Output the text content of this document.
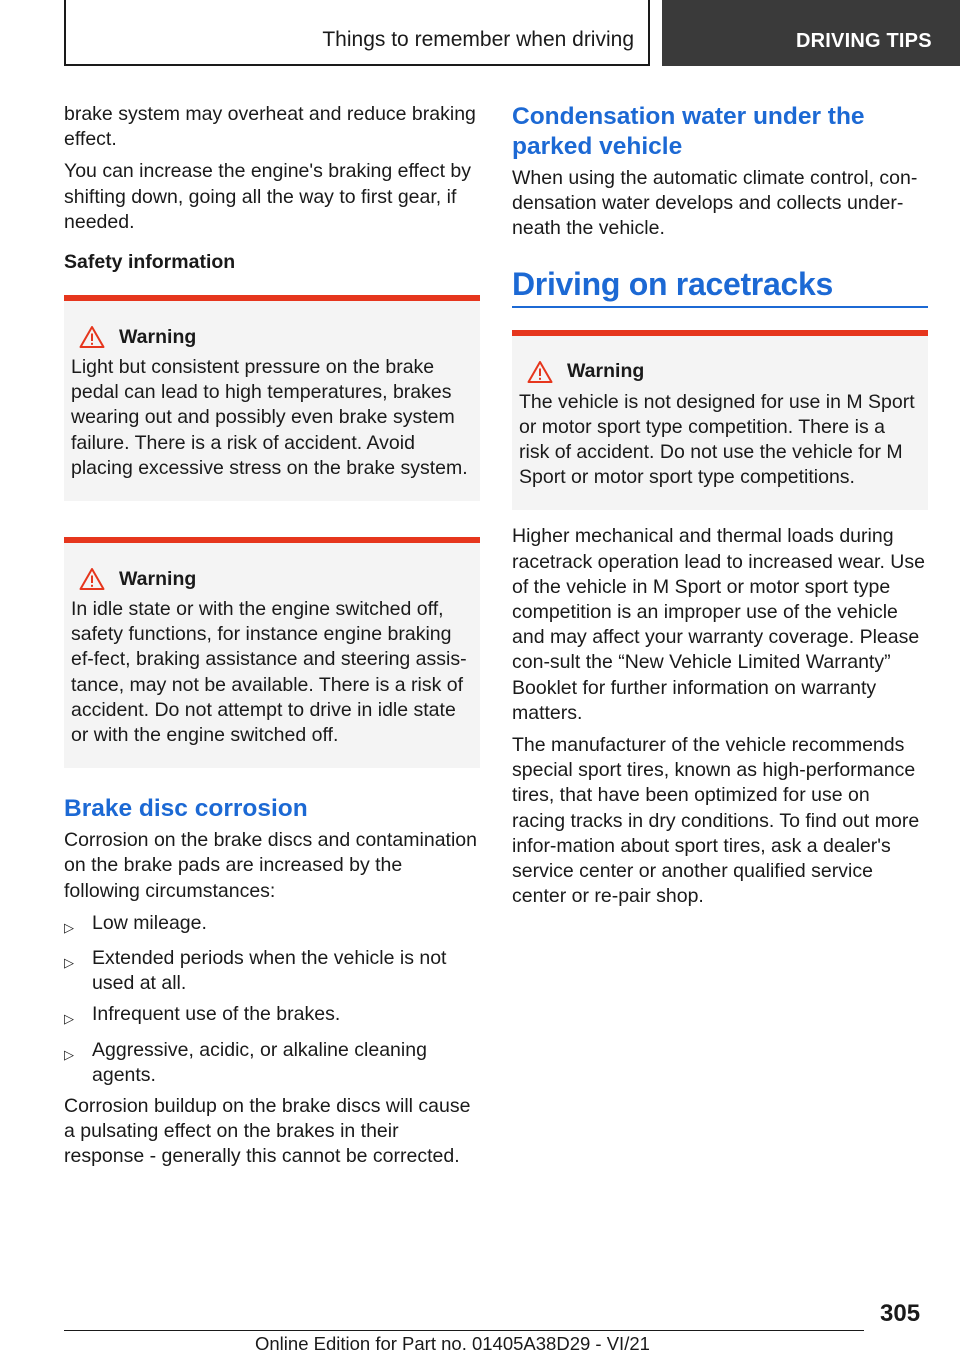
Things to remember when driving	DRIVING TIPS

brake system may overheat and reduce braking effect.

You can increase the engine's braking effect by shifting down, going all the way to first gear, if needed.

Safety information
Warning
Light but consistent pressure on the brake pedal can lead to high temperatures, brakes wearing out and possibly even brake system failure. There is a risk of accident. Avoid placing excessive stress on the brake system.
Warning
In idle state or with the engine switched off, safety functions, for instance engine braking ef-fect, braking assistance and steering assis-tance, may not be available. There is a risk of accident. Do not attempt to drive in idle state or with the engine switched off.
Brake disc corrosion

Corrosion on the brake discs and contamination on the brake pads are increased by the following circumstances:

▷ Low mileage.
▷ Extended periods when the vehicle is not used at all.
▷ Infrequent use of the brakes.
▷ Aggressive, acidic, or alkaline cleaning agents.

Corrosion buildup on the brake discs will cause a pulsating effect on the brakes in their response - generally this cannot be corrected.

Condensation water under the parked vehicle

When using the automatic climate control, con-densation water develops and collects under-neath the vehicle.

Driving on racetracks
Warning
The vehicle is not designed for use in M Sport or motor sport type competition. There is a risk of accident. Do not use the vehicle for M Sport or motor sport type competitions.

Higher mechanical and thermal loads during racetrack operation lead to increased wear. Use of the vehicle in M Sport or motor sport type competition is an improper use of the vehicle and may affect your warranty coverage. Please con-sult the “New Vehicle Limited Warranty” Booklet for further information on warranty matters.

The manufacturer of the vehicle recommends special sport tires, known as high-performance tires, that have been optimized for use on racing tracks in dry conditions. To find out more infor-mation about sport tires, ask a dealer's service center or another qualified service center or re-pair shop.

305
Online Edition for Part no. 01405A38D29 - VI/21
